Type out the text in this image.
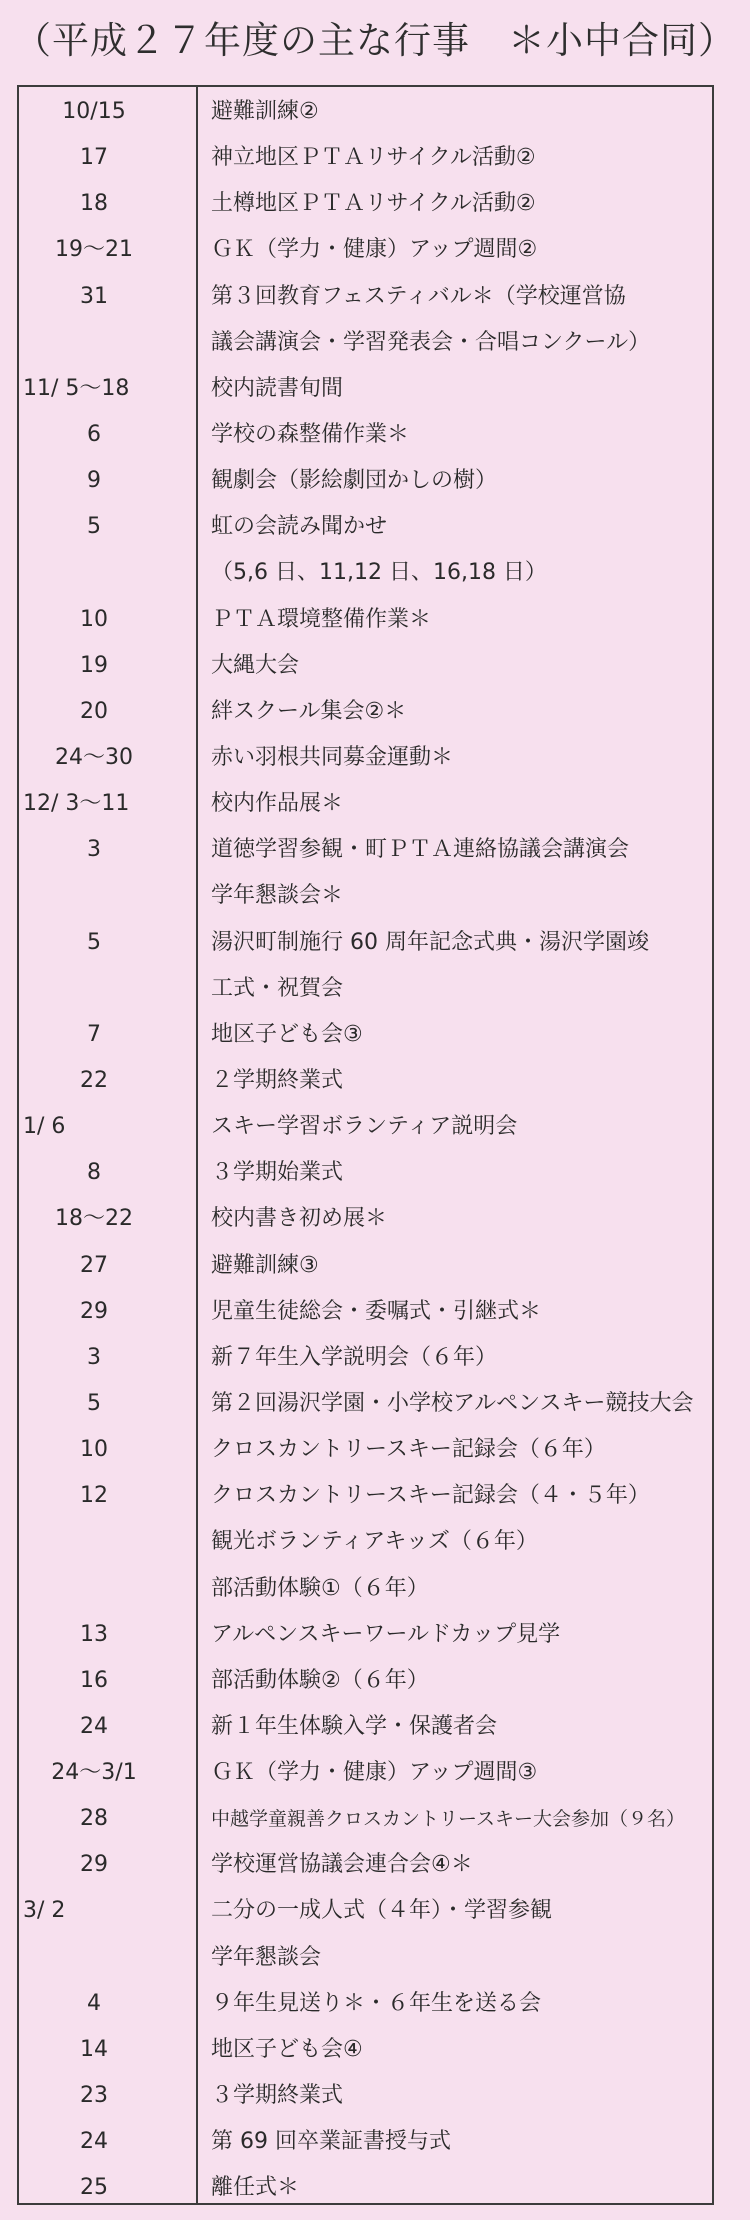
（平成２７年度の主な行事　＊小中合同）
10/15	避難訓練②
17	神立地区ＰＴＡリサイクル活動②
18	土樽地区ＰＴＡリサイクル活動②
19～21	ＧＫ（学力・健康）アップ週間②
31	第３回教育フェスティバル＊（学校運営協
議会講演会・学習発表会・合唱コンクール）
11/ 5～18	校内読書旬間
6	学校の森整備作業＊
9	観劇会（影絵劇団かしの樹）
5	虹の会読み聞かせ
（5,6 日、11,12 日、16,18 日）
10	ＰＴＡ環境整備作業＊
19	大縄大会
20	絆スクール集会②＊
24～30	赤い羽根共同募金運動＊
12/ 3～11	校内作品展＊
3	道徳学習参観・町ＰＴＡ連絡協議会講演会
学年懇談会＊
5	湯沢町制施行 60 周年記念式典・湯沢学園竣
工式・祝賀会
7	地区子ども会③
22	２学期終業式
1/ 6	スキー学習ボランティア説明会
8	３学期始業式
18～22	校内書き初め展＊
27	避難訓練③
29	児童生徒総会・委嘱式・引継式＊
3	新７年生入学説明会（６年）
5	第２回湯沢学園・小学校アルペンスキー競技大会
10	クロスカントリースキー記録会（６年）
12	クロスカントリースキー記録会（４・５年）
観光ボランティアキッズ（６年）
部活動体験①（６年）
13	アルペンスキーワールドカップ見学
16	部活動体験②（６年）
24	新１年生体験入学・保護者会
24～3/1	ＧＫ（学力・健康）アップ週間③
28	中越学童親善クロスカントリースキー大会参加（９名）
29	学校運営協議会連合会④＊
3/ 2	二分の一成人式（４年）・学習参観
学年懇談会
4	９年生見送り＊・６年生を送る会
14	地区子ども会④
23	３学期終業式
24	第 69 回卒業証書授与式
25	離任式＊
